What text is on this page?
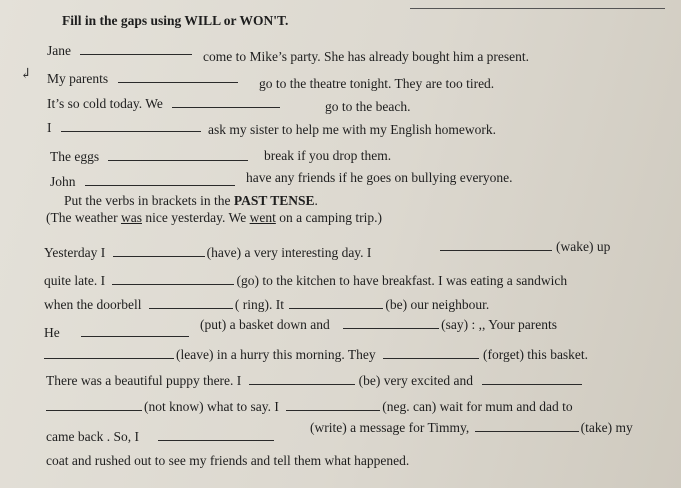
↲
Fill in the gaps using WILL or WON'T.
Jane	come to Mike’s party. She has already bought him a present.
My parents	go to the theatre tonight. They are too tired.
It’s so cold today. We	go to the beach.
I	ask my sister to help me with my English homework.
The eggs	break if you drop them.
John	have any friends if he goes on bullying everyone.
Put the verbs in brackets in the PAST TENSE.
(The weather was nice yesterday. We went on a camping trip.)
Yesterday I	(have) a very interesting day. I	(wake) up
quite late. I	(go) to the kitchen to have breakfast. I was eating a sandwich
when the doorbell	( ring). It	(be) our neighbour.
He
(put) a basket down and	(say) : ,, Your parents
(leave) in a hurry this morning. They	(forget) this basket.
There was a beautiful puppy there. I	(be) very excited and
(not know) what to say. I	(neg. can) wait for mum and dad to
came back . So, I
(write) a message for Timmy,	(take) my
coat and rushed out to see my friends and tell them what happened.
